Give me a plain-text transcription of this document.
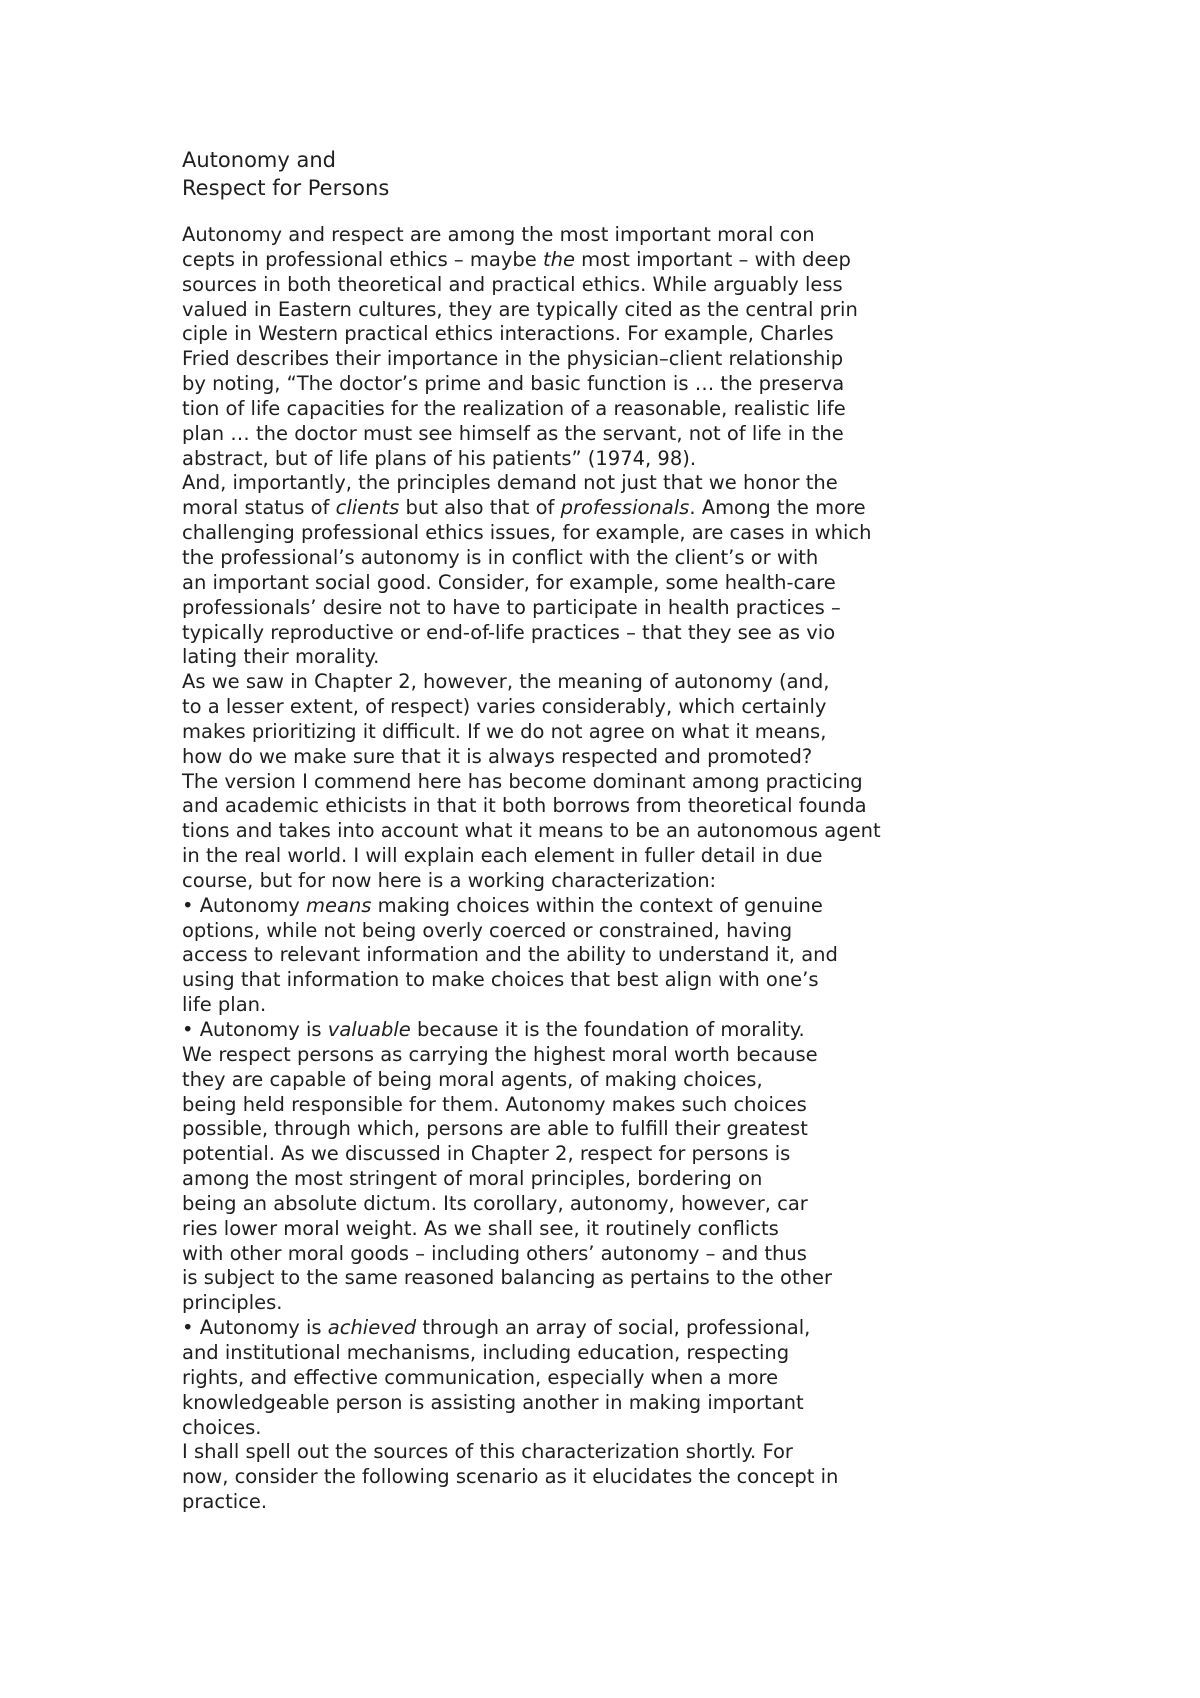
Autonomy and
Respect for Persons
Autonomy and respect are among the most important moral con
cepts in professional ethics – maybe the most important – with deep
sources in both theoretical and practical ethics. While arguably less
valued in Eastern cultures, they are typically cited as the central prin
ciple in Western practical ethics interactions. For example, Charles
Fried describes their importance in the physician–client relationship
by noting, “The doctor’s prime and basic function is … the preserva
tion of life capacities for the realization of a reasonable, realistic life
plan … the doctor must see himself as the servant, not of life in the
abstract, but of life plans of his patients” (1974, 98).
And, importantly, the principles demand not just that we honor the
moral status of clients but also that of professionals. Among the more
challenging professional ethics issues, for example, are cases in which
the professional’s autonomy is in conflict with the client’s or with
an important social good. Consider, for example, some health-care
professionals’ desire not to have to participate in health practices –
typically reproductive or end-of-life practices – that they see as vio
lating their morality.
As we saw in Chapter 2, however, the meaning of autonomy (and,
to a lesser extent, of respect) varies considerably, which certainly
makes prioritizing it difficult. If we do not agree on what it means,
how do we make sure that it is always respected and promoted?
The version I commend here has become dominant among practicing
and academic ethicists in that it both borrows from theoretical founda
tions and takes into account what it means to be an autonomous agent
in the real world. I will explain each element in fuller detail in due
course, but for now here is a working characterization:
• Autonomy means making choices within the context of genuine
options, while not being overly coerced or constrained, having
access to relevant information and the ability to understand it, and
using that information to make choices that best align with one’s
life plan.
• Autonomy is valuable because it is the foundation of morality.
We respect persons as carrying the highest moral worth because
they are capable of being moral agents, of making choices,
being held responsible for them. Autonomy makes such choices
possible, through which, persons are able to fulfill their greatest
potential. As we discussed in Chapter 2, respect for persons is
among the most stringent of moral principles, bordering on
being an absolute dictum. Its corollary, autonomy, however, car
ries lower moral weight. As we shall see, it routinely conflicts
with other moral goods – including others’ autonomy – and thus
is subject to the same reasoned balancing as pertains to the other
principles.
• Autonomy is achieved through an array of social, professional,
and institutional mechanisms, including education, respecting
rights, and effective communication, especially when a more
knowledgeable person is assisting another in making important
choices.
I shall spell out the sources of this characterization shortly. For
now, consider the following scenario as it elucidates the concept in
practice.
